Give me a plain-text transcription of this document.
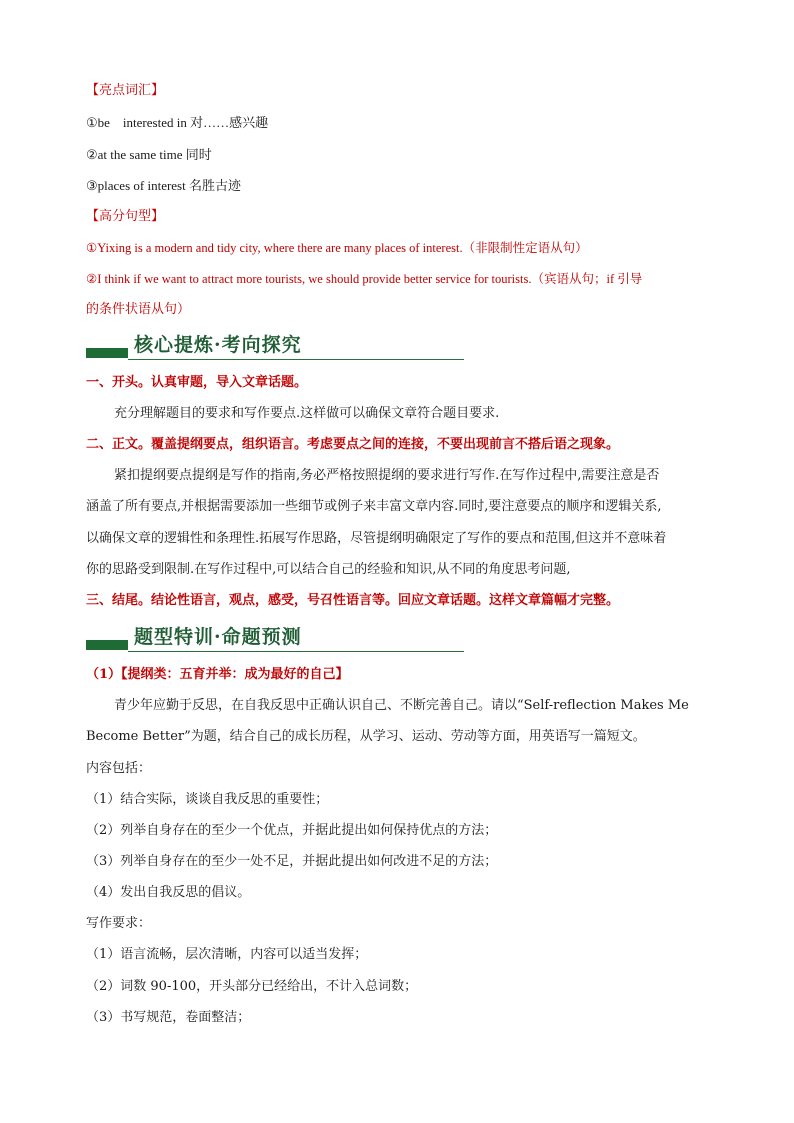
【亮点词汇】
①be　interested in 对……感兴趣
②at the same time 同时
③places of interest 名胜古迹
【高分句型】
①Yixing is a modern and tidy city, where there are many places of interest.（非限制性定语从句）
②I think if we want to attract more tourists, we should provide better service for tourists.（宾语从句；if 引导
的条件状语从句）
核心提炼·考向探究
一、开头。认真审题，导入文章话题。
充分理解题目的要求和写作要点.这样做可以确保文章符合题目要求.
二、正文。覆盖提纲要点，组织语言。考虑要点之间的连接，不要出现前言不搭后语之现象。
紧扣提纲要点提纲是写作的指南,务必严格按照提纲的要求进行写作.在写作过程中,需要注意是否
涵盖了所有要点,并根据需要添加一些细节或例子来丰富文章内容.同时,要注意要点的顺序和逻辑关系,
以确保文章的逻辑性和条理性.拓展写作思路，尽管提纲明确限定了写作的要点和范围,但这并不意味着
你的思路受到限制.在写作过程中,可以结合自己的经验和知识,从不同的角度思考问题,
三、结尾。结论性语言，观点，感受，号召性语言等。回应文章话题。这样文章篇幅才完整。
题型特训·命题预测
（1）【提纲类：五育并举：成为最好的自己】
青少年应勤于反思，在自我反思中正确认识自己、不断完善自己。请以“Self-reflection Makes Me
Become Better”为题，结合自己的成长历程，从学习、运动、劳动等方面，用英语写一篇短文。
内容包括：
（1）结合实际，谈谈自我反思的重要性；
（2）列举自身存在的至少一个优点，并据此提出如何保持优点的方法；
（3）列举自身存在的至少一处不足，并据此提出如何改进不足的方法；
（4）发出自我反思的倡议。
写作要求：
（1）语言流畅，层次清晰，内容可以适当发挥；
（2）词数 90-100，开头部分已经给出，不计入总词数；
（3）书写规范，卷面整洁；
